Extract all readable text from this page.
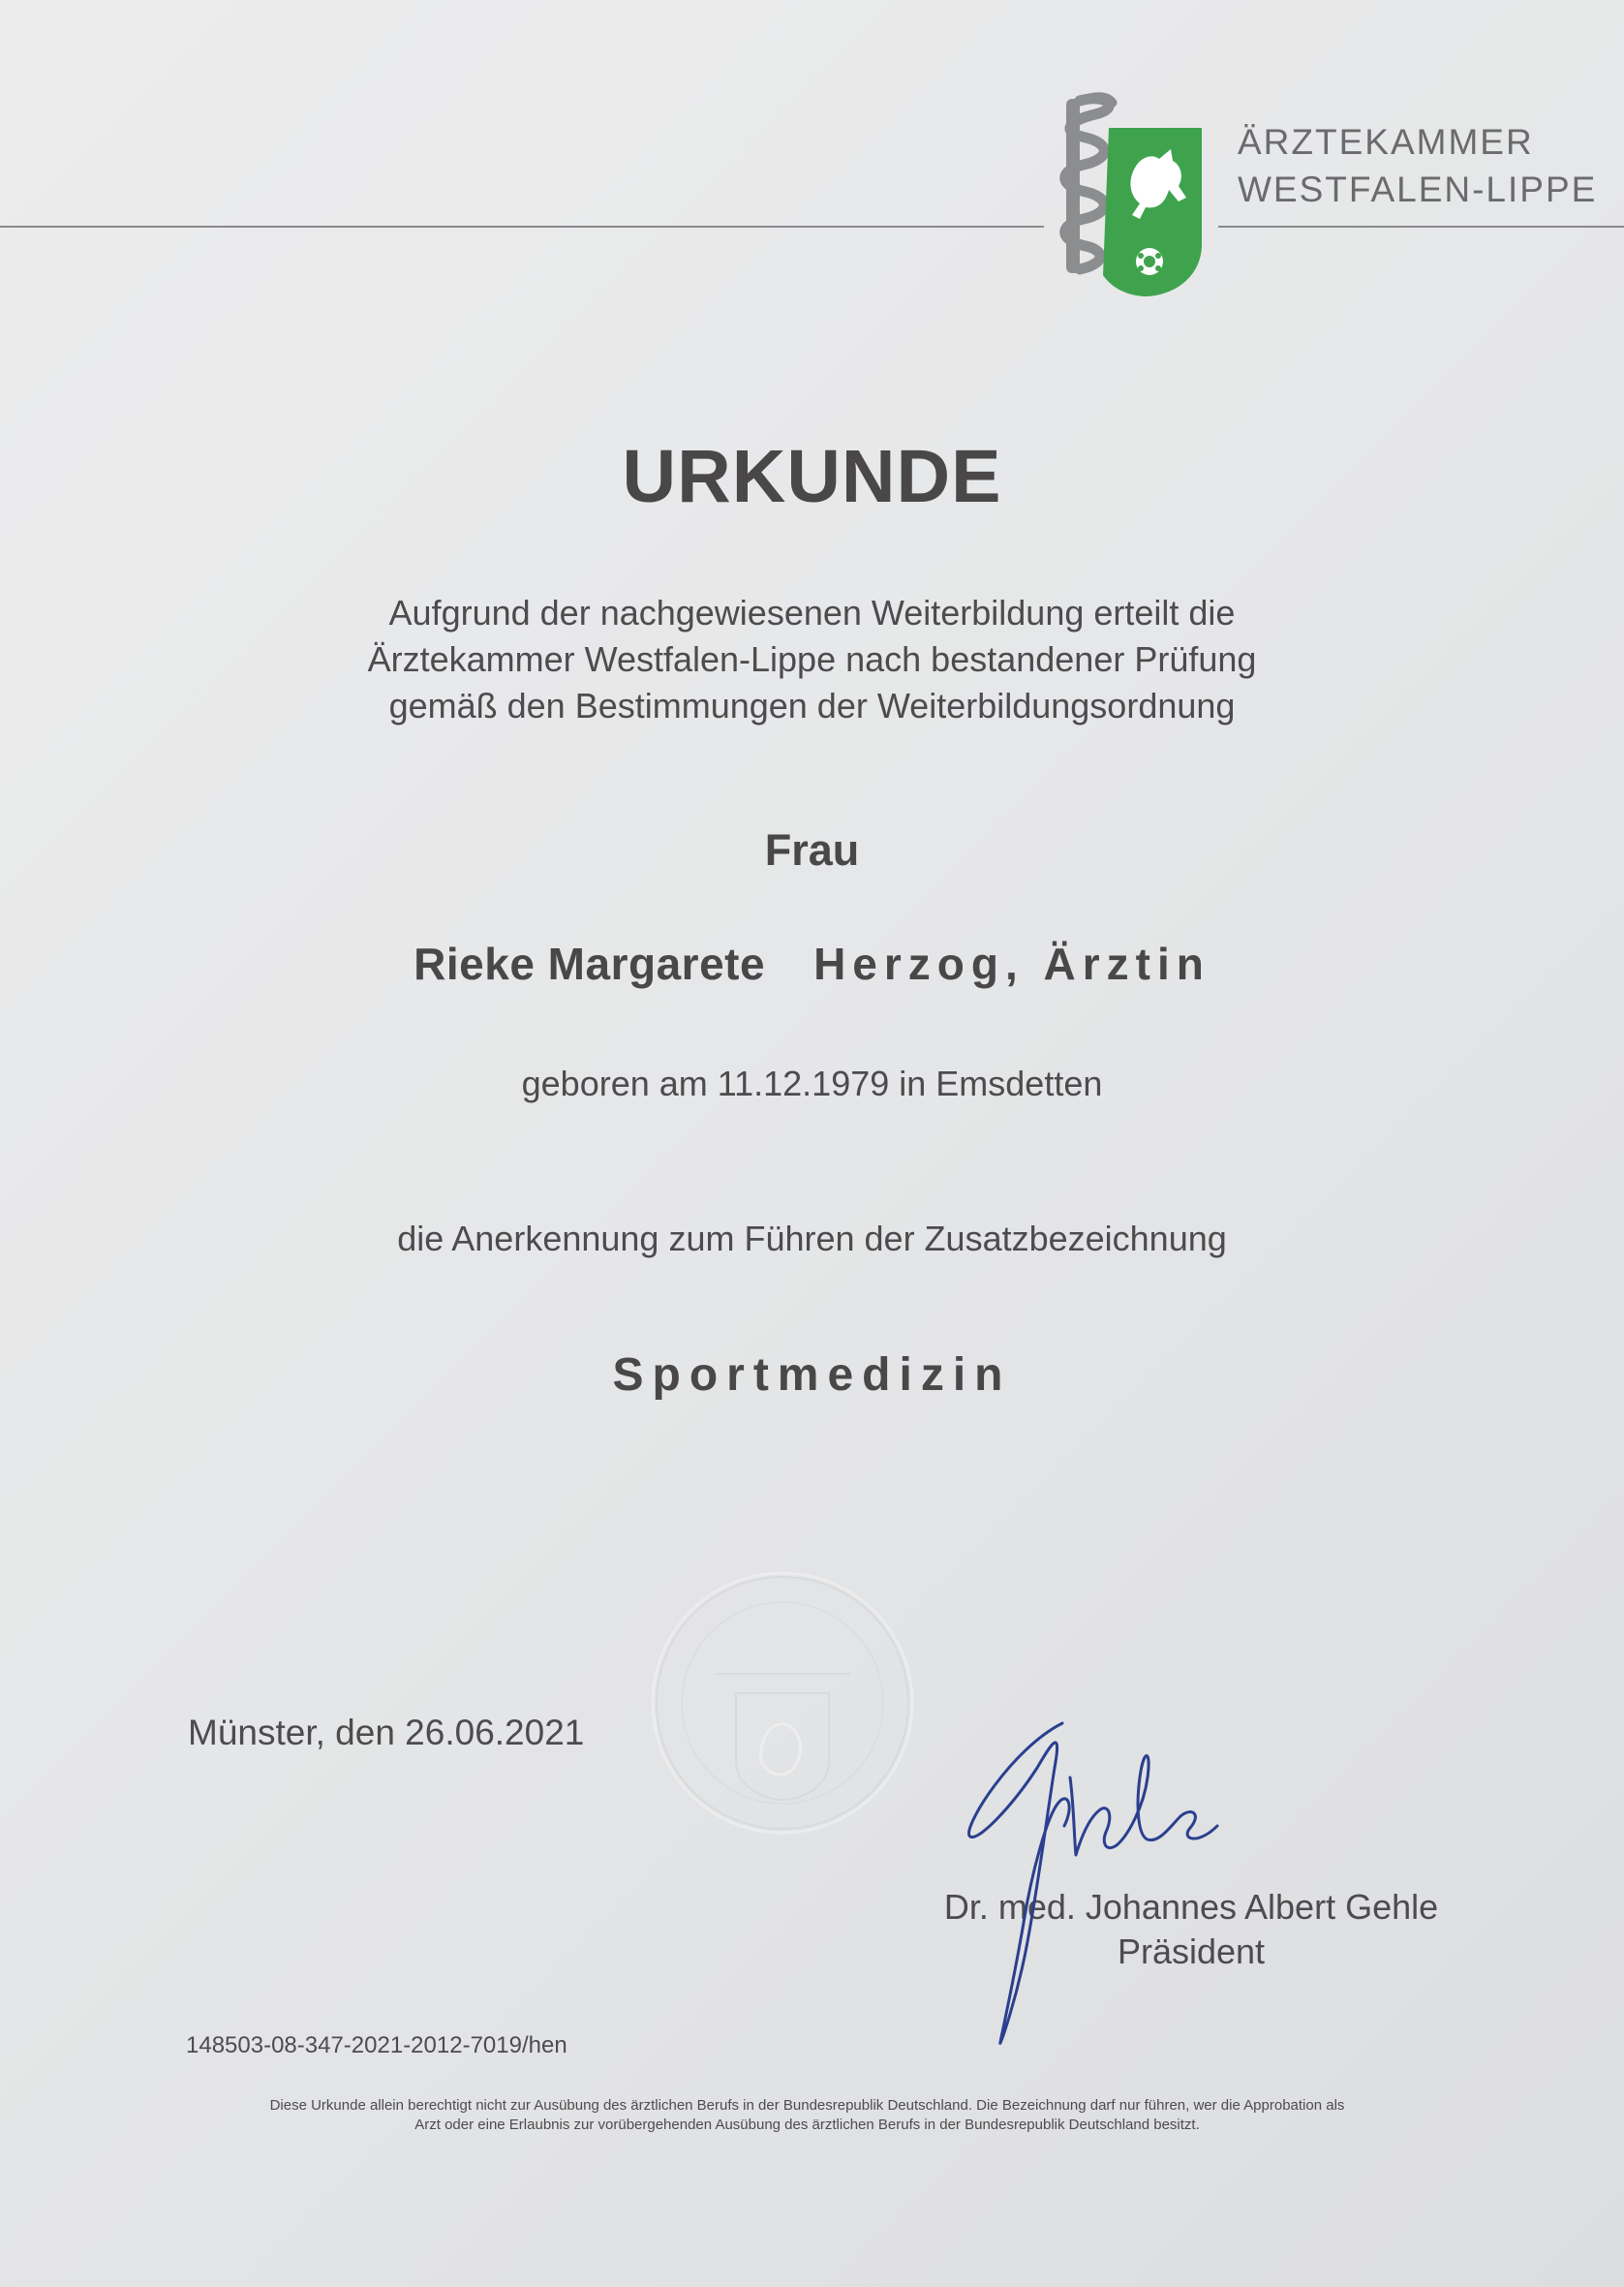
ÄRZTEKAMMER
WESTFALEN-LIPPE
URKUNDE
Aufgrund der nachgewiesenen Weiterbildung erteilt die
Ärztekammer Westfalen-Lippe nach bestandener Prüfung
gemäß den Bestimmungen der Weiterbildungsordnung
Frau
Rieke Margarete Herzog, Ärztin
geboren am 11.12.1979 in Emsdetten
die Anerkennung zum Führen der Zusatzbezeichnung
Sportmedizin
Münster, den 26.06.2021
Dr. med. Johannes Albert Gehle
Präsident
148503-08-347-2021-2012-7019/hen
Diese Urkunde allein berechtigt nicht zur Ausübung des ärztlichen Berufs in der Bundesrepublik Deutschland. Die Bezeichnung darf nur führen, wer die Approbation als
Arzt oder eine Erlaubnis zur vorübergehenden Ausübung des ärztlichen Berufs in der Bundesrepublik Deutschland besitzt.
